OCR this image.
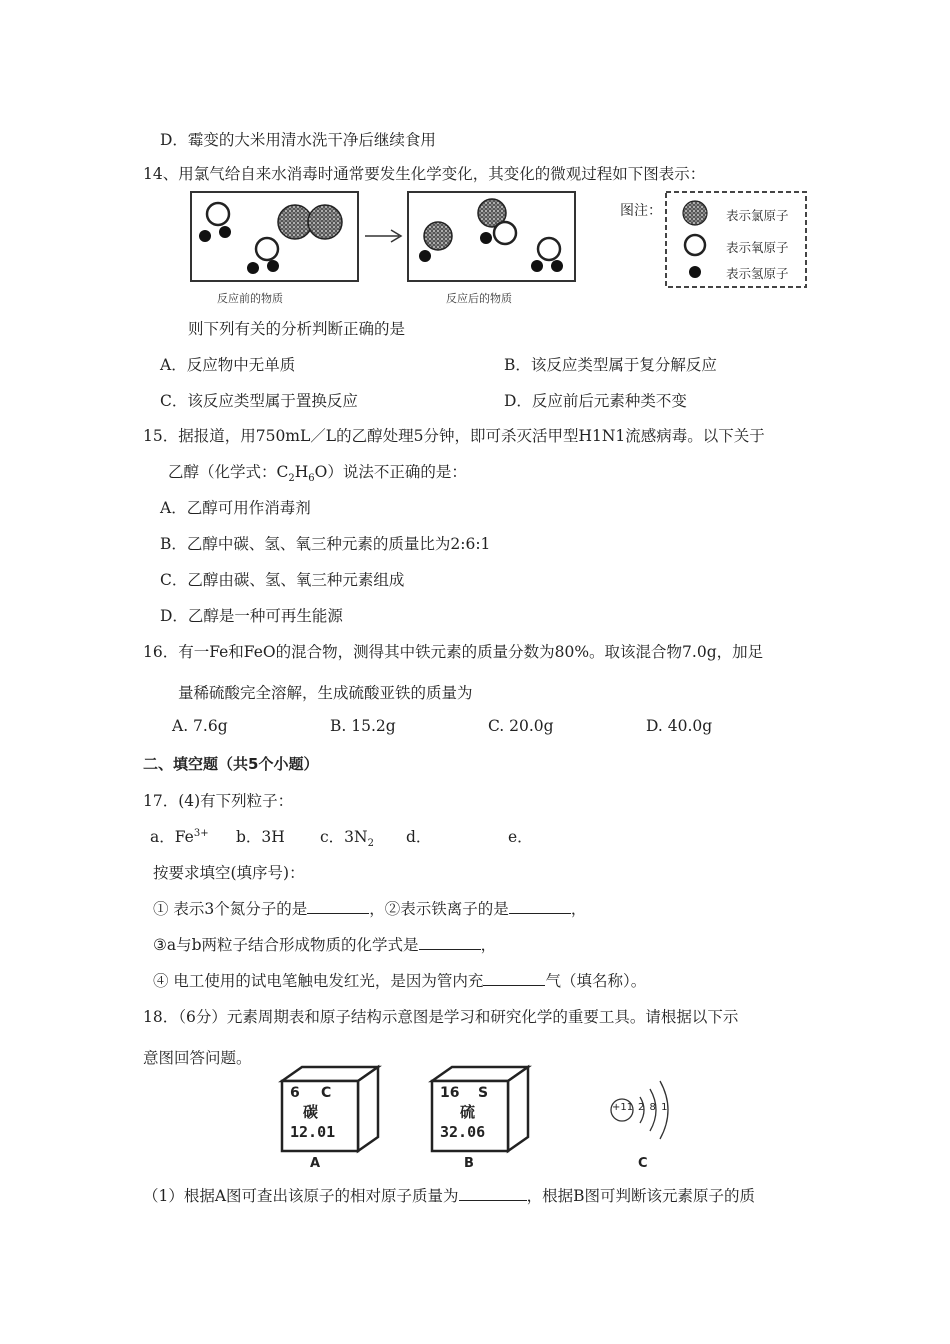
D．霉变的大米用清水洗干净后继续食用
14、用氯气给自来水消毒时通常要发生化学变化，其变化的微观过程如下图表示：
反应前的物质	反应后的物质
图注：	表示氯原子
表示氧原子
表示氢原子
则下列有关的分析判断正确的是
A．反应物中无单质	B．该反应类型属于复分解反应
C．该反应类型属于置换反应	D．反应前后元素种类不变
15．据报道，用750mL／L的乙醇处理5分钟，即可杀灭活甲型H1N1流感病毒。以下关于
乙醇（化学式：$C_2H_6O$）说法不正确的是：
A．乙醇可用作消毒剂
B．乙醇中碳、氢、氧三种元素的质量比为2:6:1
C．乙醇由碳、氢、氧三种元素组成
D．乙醇是一种可再生能源
16．有一Fe和FeO的混合物，测得其中铁元素的质量分数为80%。取该混合物7.0g，加足
量稀硫酸完全溶解，生成硫酸亚铁的质量为
A. 7.6g	B. 15.2g	C. 20.0g	D. 40.0g
二、填空题（共5个小题）
17．(4)有下列粒子：
a．$Fe^{3+}$ b．3H c．$3N_2$ d．	e．
按要求填空(填序号)：
① 表示3个氮分子的是	，②表示铁离子的是	，
③a与b两粒子结合形成物质的化学式是	，
④ 电工使用的试电笔触电发红光，是因为管内充	气（填名称）。
18．（6分）元素周期表和原子结构示意图是学习和研究化学的重要工具。请根据以下示
意图回答问题。
6 C
碳
12.01
A
16 S
硫
32.06
B
+11 2 8 1
C
（1）根据A图可查出该原子的相对原子质量为	，根据B图可判断该元素原子的质
